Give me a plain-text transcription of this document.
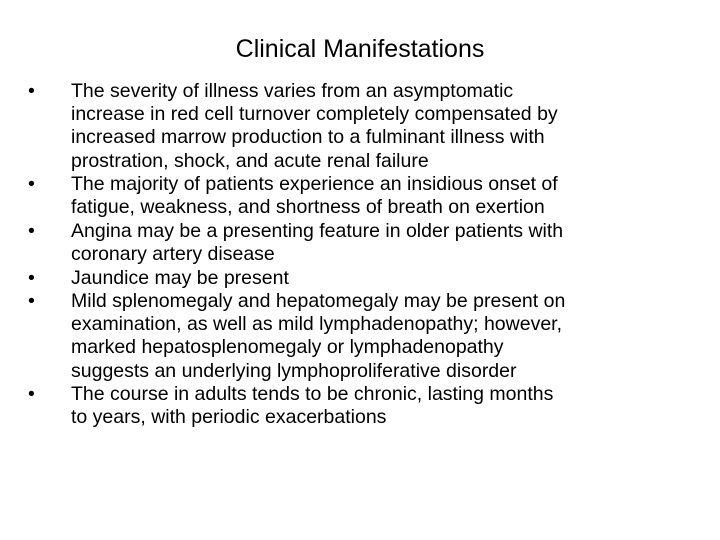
Clinical Manifestations
•	The severity of illness varies from an asymptomatic
increase in red cell turnover completely compensated by
increased marrow production to a fulminant illness with
prostration, shock, and acute renal failure
•	The majority of patients experience an insidious onset of
fatigue, weakness, and shortness of breath on exertion
•	Angina may be a presenting feature in older patients with
coronary artery disease
•	Jaundice may be present
•	Mild splenomegaly and hepatomegaly may be present on
examination, as well as mild lymphadenopathy; however,
marked hepatosplenomegaly or lymphadenopathy
suggests an underlying lymphoproliferative disorder
•	The course in adults tends to be chronic, lasting months
to years, with periodic exacerbations
